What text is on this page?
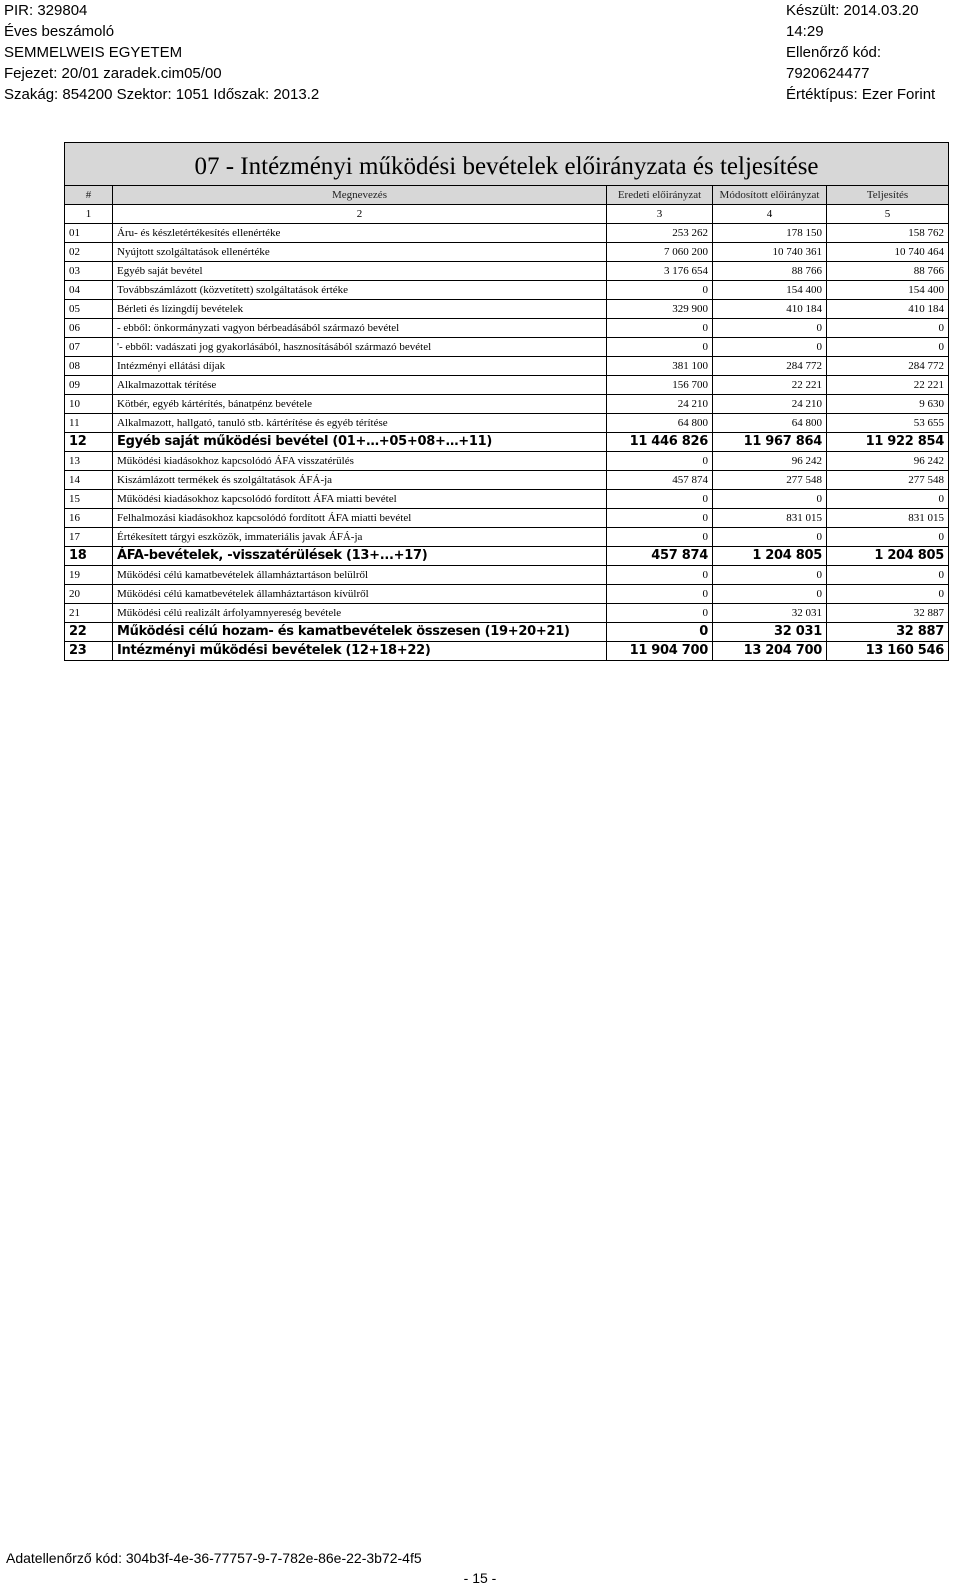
PIR: 329804
Éves beszámoló
SEMMELWEIS EGYETEM
Fejezet: 20/01 zaradek.cim05/00
Szakág: 854200 Szektor: 1051 Időszak: 2013.2
Készült: 2014.03.20 14:29
Ellenőrző kód: 7920624477
Értéktípus: Ezer Forint
07 - Intézményi működési bevételek előirányzata és teljesítése				
#	Megnevezés	Eredeti előirányzat	Módosított előirányzat	Teljesítés
1	2	3	4	5
01	Áru- és készletértékesítés ellenértéke	253 262	178 150	158 762
02	Nyújtott szolgáltatások ellenértéke	7 060 200	10 740 361	10 740 464
03	Egyéb saját bevétel	3 176 654	88 766	88 766
04	Továbbszámlázott (közvetített) szolgáltatások értéke	0	154 400	154 400
05	Bérleti és lízingdíj bevételek	329 900	410 184	410 184
06	- ebből: önkormányzati vagyon bérbeadásából származó bevétel	0	0	0
07	'- ebből: vadászati jog gyakorlásából, hasznosításából származó bevétel	0	0	0
08	Intézményi ellátási díjak	381 100	284 772	284 772
09	Alkalmazottak térítése	156 700	22 221	22 221
10	Kötbér, egyéb kártérítés, bánatpénz bevétele	24 210	24 210	9 630
11	Alkalmazott, hallgató, tanuló stb. kártérítése és egyéb térítése	64 800	64 800	53 655
12	Egyéb saját működési bevétel (01+…+05+08+…+11)	11 446 826	11 967 864	11 922 854
13	Működési kiadásokhoz kapcsolódó ÁFA visszatérülés	0	96 242	96 242
14	Kiszámlázott termékek és szolgáltatások ÁFÁ-ja	457 874	277 548	277 548
15	Működési kiadásokhoz kapcsolódó fordított ÁFA miatti bevétel	0	0	0
16	Felhalmozási kiadásokhoz kapcsolódó fordított ÁFA miatti bevétel	0	831 015	831 015
17	Értékesített tárgyi eszközök, immateriális javak ÁFÁ-ja	0	0	0
18	ÁFA-bevételek, -visszatérülések (13+...+17)	457 874	1 204 805	1 204 805
19	Működési célú kamatbevételek államháztartáson belülről	0	0	0
20	Működési célú kamatbevételek államháztartáson kívülről	0	0	0
21	Működési célú realizált árfolyamnyereség bevétele	0	32 031	32 887
22	Működési célú hozam- és kamatbevételek összesen (19+20+21)	0	32 031	32 887
23	Intézményi működési bevételek (12+18+22)	11 904 700	13 204 700	13 160 546
Adatellenőrző kód: 304b3f-4e-36-77757-9-7-782e-86e-22-3b72-4f5
- 15 -
